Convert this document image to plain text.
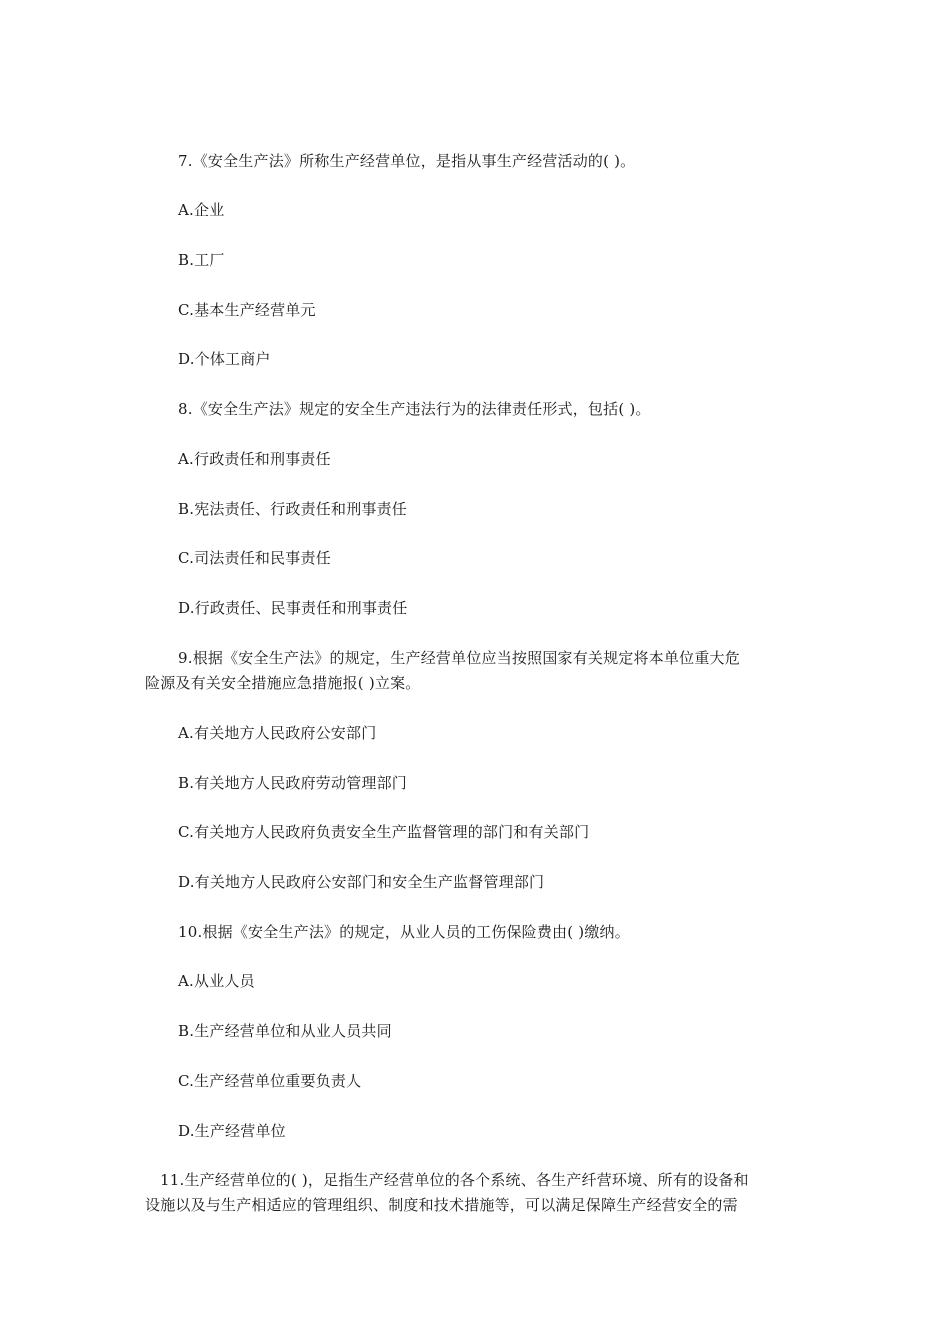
7.《安全生产法》所称生产经营单位，是指从事生产经营活动的( )。
A.企业
B.工厂
C.基本生产经营单元
D.个体工商户
8.《安全生产法》规定的安全生产违法行为的法律责任形式，包括( )。
A.行政责任和刑事责任
B.宪法责任、行政责任和刑事责任
C.司法责任和民事责任
D.行政责任、民事责任和刑事责任
9.根据《安全生产法》的规定，生产经营单位应当按照国家有关规定将本单位重大危
险源及有关安全措施应急措施报( )立案。
A.有关地方人民政府公安部门
B.有关地方人民政府劳动管理部门
C.有关地方人民政府负责安全生产监督管理的部门和有关部门
D.有关地方人民政府公安部门和安全生产监督管理部门
10.根据《安全生产法》的规定，从业人员的工伤保险费由( )缴纳。
A.从业人员
B.生产经营单位和从业人员共同
C.生产经营单位重要负责人
D.生产经营单位
11.生产经营单位的( )，足指生产经营单位的各个系统、各生产纤营环境、所有的设备和
设施以及与生产相适应的管理组织、制度和技术措施等，可以满足保障生产经营安全的需
